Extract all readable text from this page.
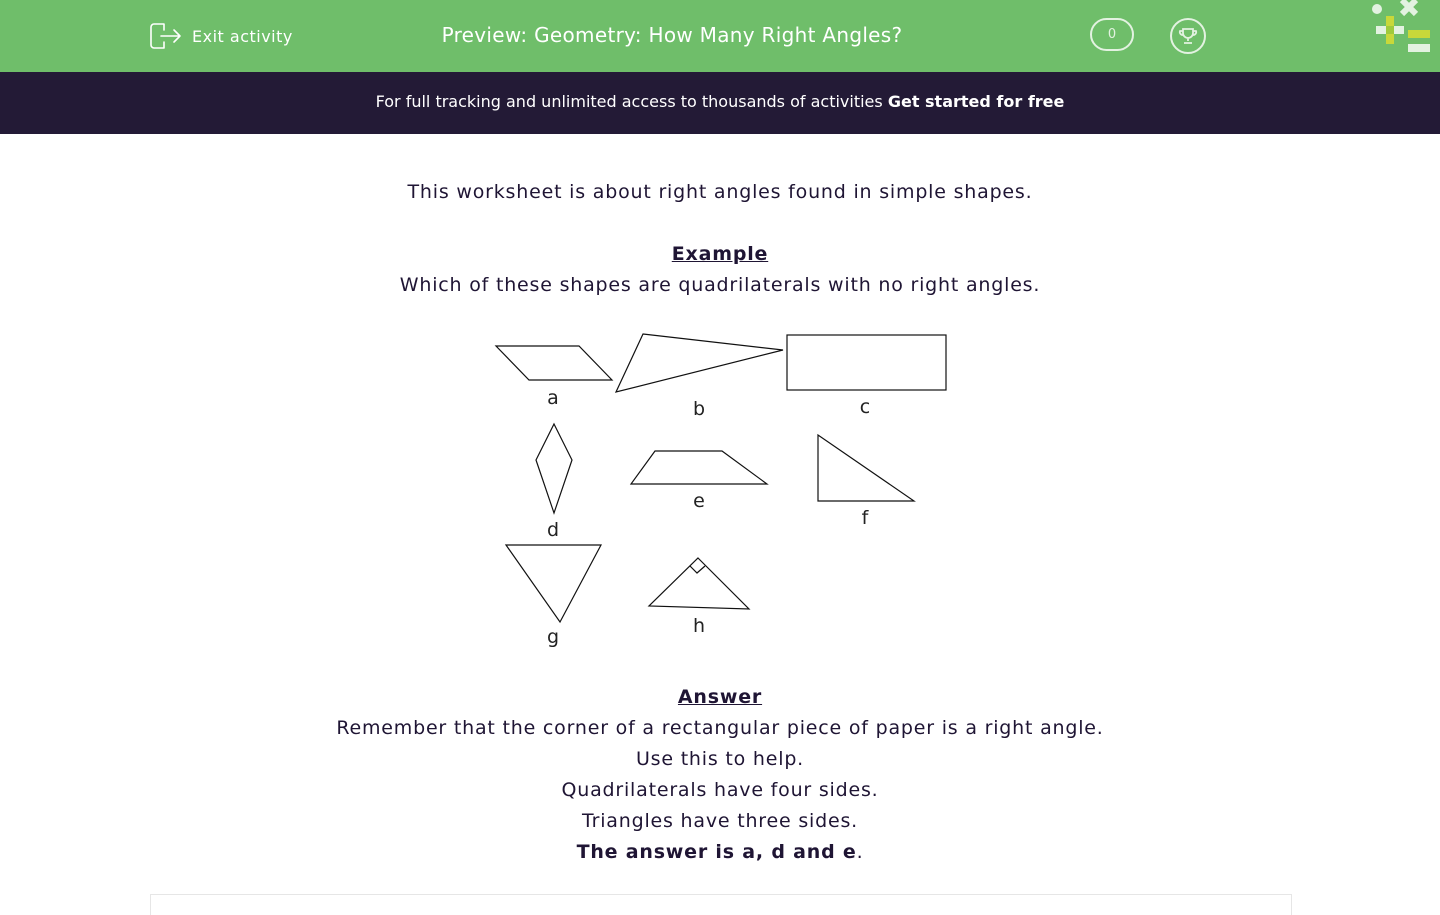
Exit activity	Preview: Geometry: How Many Right Angles?	0
For full tracking and unlimited access to thousands of activities Get started for free
This worksheet is about right angles found in simple shapes.
Example
Which of these shapes are quadrilaterals with no right angles.
a	b	c
d
e
f
g	h
Answer
Remember that the corner of a rectangular piece of paper is a right angle.
Use this to help.
Quadrilaterals have four sides.
Triangles have three sides.
The answer is a, d and e.
